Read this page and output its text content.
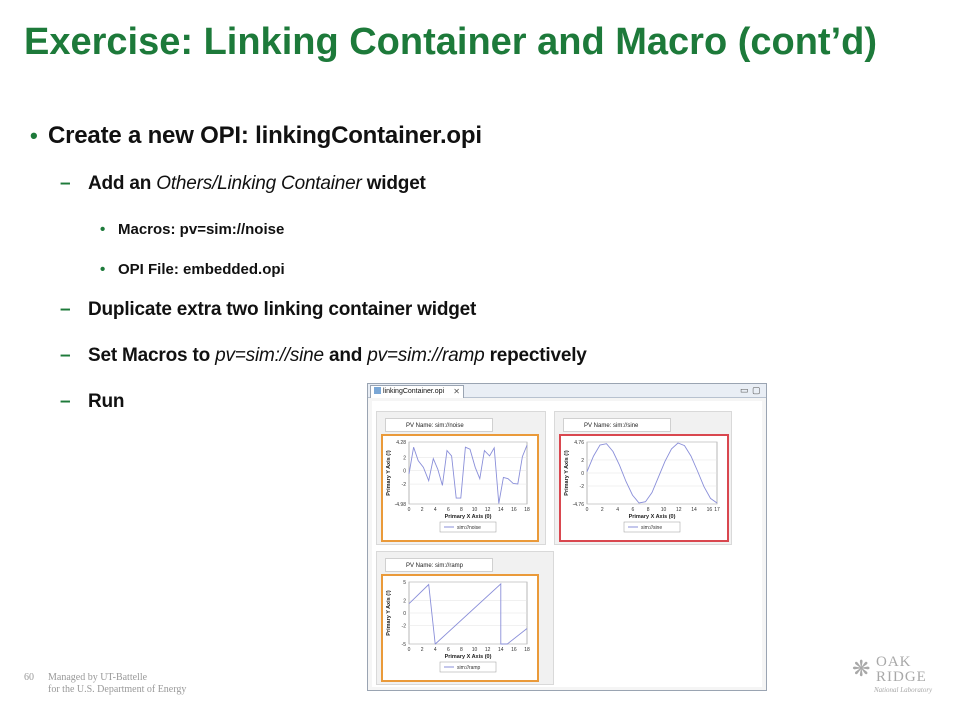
Exercise: Linking Container and Macro (cont’d)
• Create a new OPI: linkingContainer.opi
– Add an Others/Linking Container widget
• Macros: pv=sim://noise
• OPI File: embedded.opi
– Duplicate extra two linking container widget
– Set Macros to pv=sim://sine and pv=sim://ramp repectively
– Run	linkingContainer.opi ✕	▭ ▢
PV Name: sim://noise
4.28
2
0
-2
-4.98
0 2 4 6 8 10 12 14 16 18
Primary X Axis (0)
Primary Y Axis (!)
sim://noise
PV Name: sim://sine
4.76
2
0
-2
-4.76
0	2	4	6	8 10 12 14 16 17
Primary X Axis (0)
Primary Y Axis (!)
sim://sine
PV Name: sim://ramp
5
2
0
-2
-5
0 2 4 6 8 10 12 14 16 18
Primary X Axis (0)
Primary Y Axis (!)
sim://ramp
60	Managed by UT-Battelle
for the U.S. Department of Energy
❋ OAK
RIDGE
National Laboratory
